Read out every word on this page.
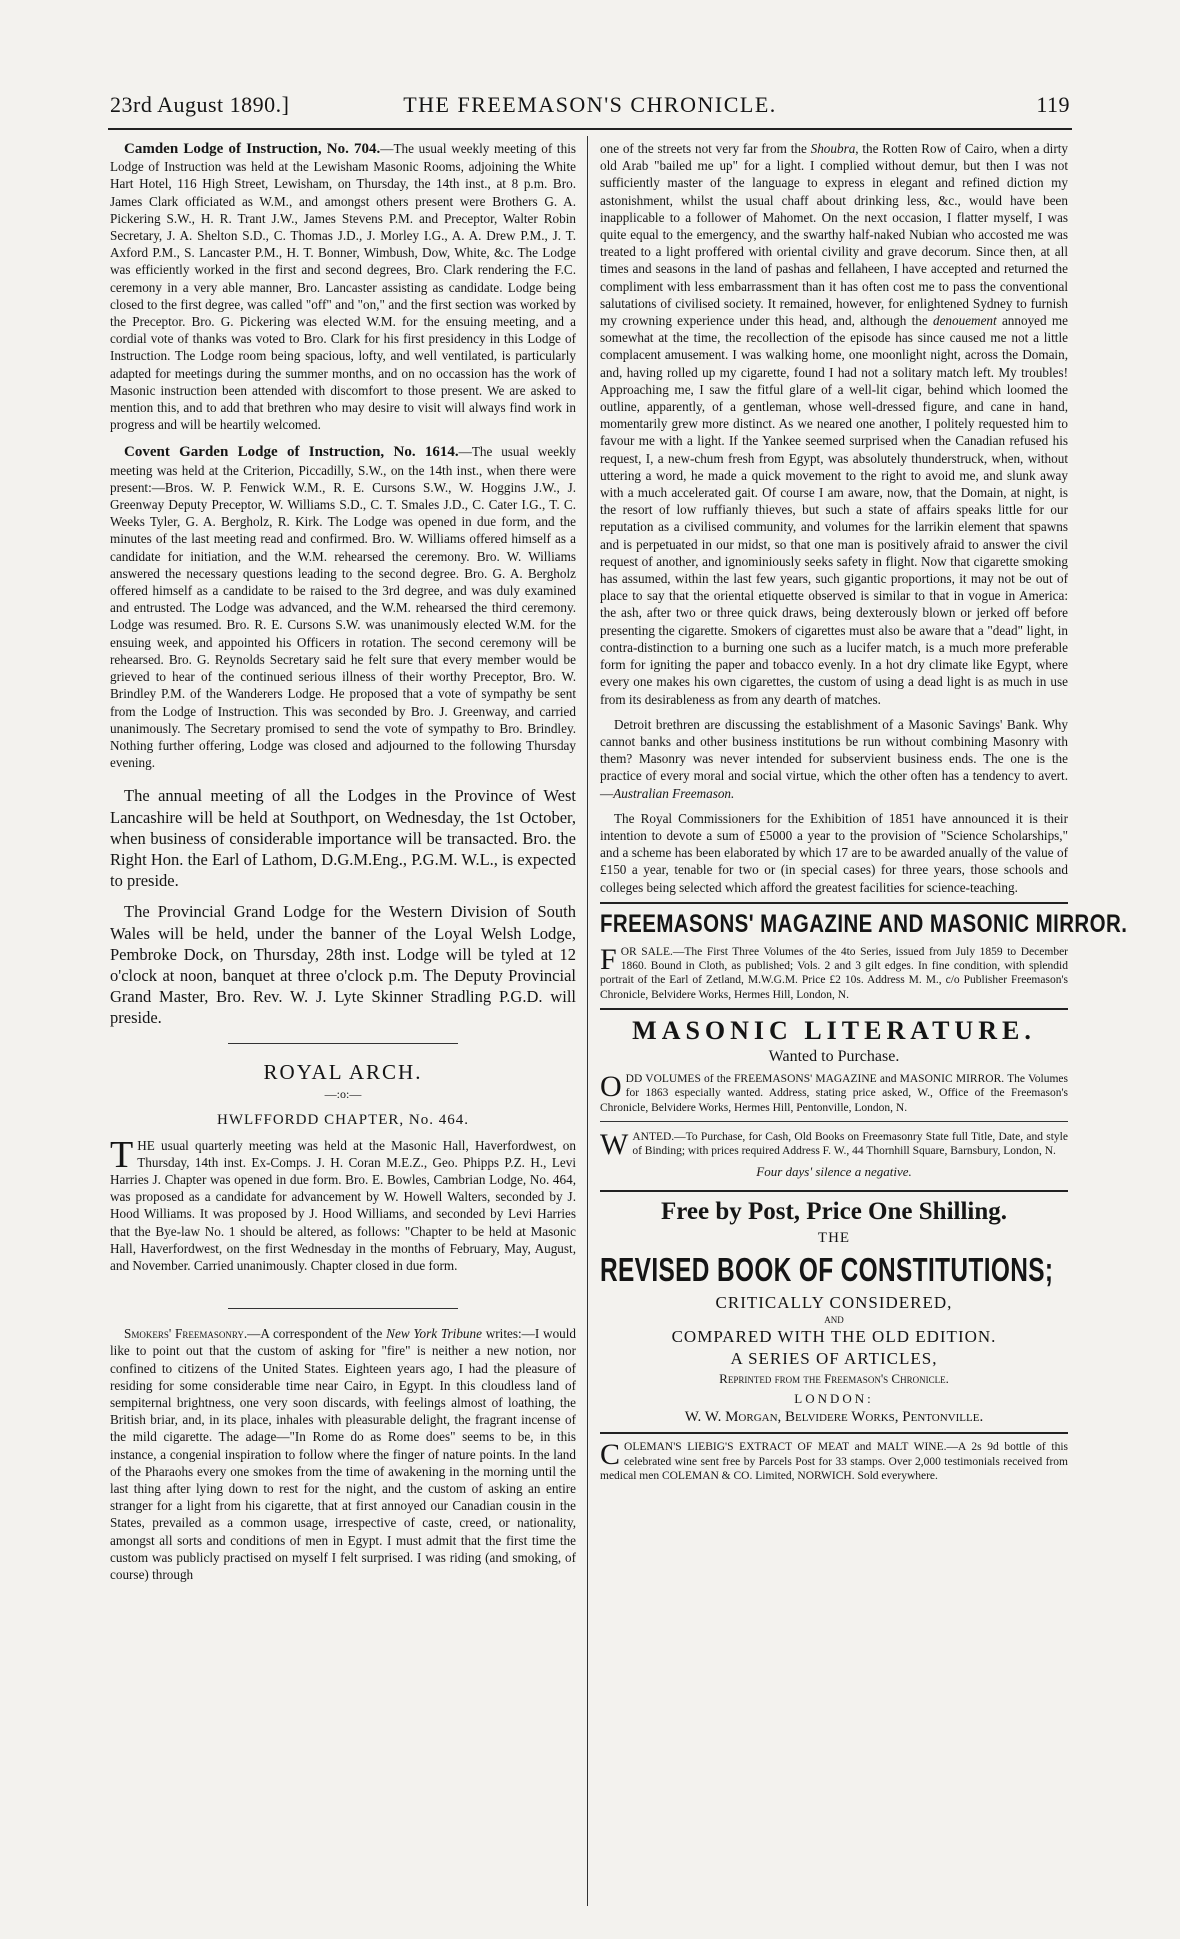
23rd August 1890.]	THE FREEMASON'S CHRONICLE.	119

Camden Lodge of Instruction, No. 704.—The usual weekly meeting of this Lodge of Instruction was held at the Lewisham Masonic Rooms, adjoining the White Hart Hotel, 116 High Street, Lewisham, on Thursday, the 14th inst., at 8 p.m. Bro. James Clark officiated as W.M., and amongst others present were Brothers G. A. Pickering S.W., H. R. Trant J.W., James Stevens P.M. and Preceptor, Walter Robin Secretary, J. A. Shelton S.D., C. Thomas J.D., J. Morley I.G., A. A. Drew P.M., J. T. Axford P.M., S. Lancaster P.M., H. T. Bonner, Wimbush, Dow, White, &c. The Lodge was efficiently worked in the first and second degrees, Bro. Clark rendering the F.C. ceremony in a very able manner, Bro. Lancaster assisting as candidate. Lodge being closed to the first degree, was called "off" and "on," and the first section was worked by the Preceptor. Bro. G. Pickering was elected W.M. for the ensuing meeting, and a cordial vote of thanks was voted to Bro. Clark for his first presidency in this Lodge of Instruction. The Lodge room being spacious, lofty, and well ventilated, is particularly adapted for meetings during the summer months, and on no occassion has the work of Masonic instruction been attended with discomfort to those present. We are asked to mention this, and to add that brethren who may desire to visit will always find work in progress and will be heartily welcomed.

Covent Garden Lodge of Instruction, No. 1614.—The usual weekly meeting was held at the Criterion, Piccadilly, S.W., on the 14th inst., when there were present:—Bros. W. P. Fenwick W.M., R. E. Cursons S.W., W. Hoggins J.W., J. Greenway Deputy Preceptor, W. Williams S.D., C. T. Smales J.D., C. Cater I.G., T. C. Weeks Tyler, G. A. Bergholz, R. Kirk. The Lodge was opened in due form, and the minutes of the last meeting read and confirmed. Bro. W. Williams offered himself as a candidate for initiation, and the W.M. rehearsed the ceremony. Bro. W. Williams answered the necessary questions leading to the second degree. Bro. G. A. Bergholz offered himself as a candidate to be raised to the 3rd degree, and was duly examined and entrusted. The Lodge was advanced, and the W.M. rehearsed the third ceremony. Lodge was resumed. Bro. R. E. Cursons S.W. was unanimously elected W.M. for the ensuing week, and appointed his Officers in rotation. The second ceremony will be rehearsed. Bro. G. Reynolds Secretary said he felt sure that every member would be grieved to hear of the continued serious illness of their worthy Preceptor, Bro. W. Brindley P.M. of the Wanderers Lodge. He proposed that a vote of sympathy be sent from the Lodge of Instruction. This was seconded by Bro. J. Greenway, and carried unanimously. The Secretary promised to send the vote of sympathy to Bro. Brindley. Nothing further offering, Lodge was closed and adjourned to the following Thursday evening.

The annual meeting of all the Lodges in the Province of West Lancashire will be held at Southport, on Wednesday, the 1st October, when business of considerable importance will be transacted. Bro. the Right Hon. the Earl of Lathom, D.G.M.Eng., P.G.M. W.L., is expected to preside.

The Provincial Grand Lodge for the Western Division of South Wales will be held, under the banner of the Loyal Welsh Lodge, Pembroke Dock, on Thursday, 28th inst. Lodge will be tyled at 12 o'clock at noon, banquet at three o'clock p.m. The Deputy Provincial Grand Master, Bro. Rev. W. J. Lyte Skinner Stradling P.G.D. will preside.

ROYAL ARCH.
—:o:—
HWLFFORDD CHAPTER, No. 464.

THE usual quarterly meeting was held at the Masonic Hall, Haverfordwest, on Thursday, 14th inst. Ex-Comps. J. H. Coran M.E.Z., Geo. Phipps P.Z. H., Levi Harries J. Chapter was opened in due form. Bro. E. Bowles, Cambrian Lodge, No. 464, was proposed as a candidate for advancement by W. Howell Walters, seconded by J. Hood Williams. It was proposed by J. Hood Williams, and seconded by Levi Harries that the Bye-law No. 1 should be altered, as follows: "Chapter to be held at Masonic Hall, Haverfordwest, on the first Wednesday in the months of February, May, August, and November. Carried unanimously. Chapter closed in due form.

Smokers' Freemasonry.—A correspondent of the New York Tribune writes:—I would like to point out that the custom of asking for "fire" is neither a new notion, nor confined to citizens of the United States. Eighteen years ago, I had the pleasure of residing for some considerable time near Cairo, in Egypt. In this cloudless land of sempiternal brightness, one very soon discards, with feelings almost of loathing, the British briar, and, in its place, inhales with pleasurable delight, the fragrant incense of the mild cigarette. The adage—"In Rome do as Rome does" seems to be, in this instance, a congenial inspiration to follow where the finger of nature points. In the land of the Pharaohs every one smokes from the time of awakening in the morning until the last thing after lying down to rest for the night, and the custom of asking an entire stranger for a light from his cigarette, that at first annoyed our Canadian cousin in the States, prevailed as a common usage, irrespective of caste, creed, or nationality, amongst all sorts and conditions of men in Egypt. I must admit that the first time the custom was publicly practised on myself I felt surprised. I was riding (and smoking, of course) through

one of the streets not very far from the Shoubra, the Rotten Row of Cairo, when a dirty old Arab "bailed me up" for a light. I complied without demur, but then I was not sufficiently master of the language to express in elegant and refined diction my astonishment, whilst the usual chaff about drinking less, &c., would have been inapplicable to a follower of Mahomet. On the next occasion, I flatter myself, I was quite equal to the emergency, and the swarthy half-naked Nubian who accosted me was treated to a light proffered with oriental civility and grave decorum. Since then, at all times and seasons in the land of pashas and fellaheen, I have accepted and returned the compliment with less embarrassment than it has often cost me to pass the conventional salutations of civilised society. It remained, however, for enlightened Sydney to furnish my crowning experience under this head, and, although the denouement annoyed me somewhat at the time, the recollection of the episode has since caused me not a little complacent amusement. I was walking home, one moonlight night, across the Domain, and, having rolled up my cigarette, found I had not a solitary match left. My troubles! Approaching me, I saw the fitful glare of a well-lit cigar, behind which loomed the outline, apparently, of a gentleman, whose well-dressed figure, and cane in hand, momentarily grew more distinct. As we neared one another, I politely requested him to favour me with a light. If the Yankee seemed surprised when the Canadian refused his request, I, a new-chum fresh from Egypt, was absolutely thunderstruck, when, without uttering a word, he made a quick movement to the right to avoid me, and slunk away with a much accelerated gait. Of course I am aware, now, that the Domain, at night, is the resort of low ruffianly thieves, but such a state of affairs speaks little for our reputation as a civilised community, and volumes for the larrikin element that spawns and is perpetuated in our midst, so that one man is positively afraid to answer the civil request of another, and ignominiously seeks safety in flight. Now that cigarette smoking has assumed, within the last few years, such gigantic proportions, it may not be out of place to say that the oriental etiquette observed is similar to that in vogue in America: the ash, after two or three quick draws, being dexterously blown or jerked off before presenting the cigarette. Smokers of cigarettes must also be aware that a "dead" light, in contra-distinction to a burning one such as a lucifer match, is a much more preferable form for igniting the paper and tobacco evenly. In a hot dry climate like Egypt, where every one makes his own cigarettes, the custom of using a dead light is as much in use from its desirableness as from any dearth of matches.

Detroit brethren are discussing the establishment of a Masonic Savings' Bank. Why cannot banks and other business institutions be run without combining Masonry with them? Masonry was never intended for subservient business ends. The one is the practice of every moral and social virtue, which the other often has a tendency to avert.—Australian Freemason.

The Royal Commissioners for the Exhibition of 1851 have announced it is their intention to devote a sum of £5000 a year to the provision of "Science Scholarships," and a scheme has been elaborated by which 17 are to be awarded anually of the value of £150 a year, tenable for two or (in special cases) for three years, those schools and colleges being selected which afford the greatest facilities for science-teaching.

FREEMASONS' MAGAZINE AND MASONIC MIRROR.

FOR SALE.—The First Three Volumes of the 4to Series, issued from July 1859 to December 1860. Bound in Cloth, as published; Vols. 2 and 3 gilt edges. In fine condition, with splendid portrait of the Earl of Zetland, M.W.G.M. Price £2 10s. Address M. M., c/o Publisher Freemason's Chronicle, Belvidere Works, Hermes Hill, London, N.

MASONIC LITERATURE.
Wanted to Purchase.

ODD VOLUMES of the FREEMASONS' MAGAZINE and MASONIC MIRROR. The Volumes for 1863 especially wanted. Address, stating price asked, W., Office of the Freemason's Chronicle, Belvidere Works, Hermes Hill, Pentonville, London, N.

WANTED.—To Purchase, for Cash, Old Books on Freemasonry State full Title, Date, and style of Binding; with prices required Address F. W., 44 Thornhill Square, Barnsbury, London, N.

Four days' silence a negative.
Free by Post, Price One Shilling.
THE
REVISED BOOK OF CONSTITUTIONS;
CRITICALLY CONSIDERED,
AND
COMPARED WITH THE OLD EDITION.
A SERIES OF ARTICLES,
Reprinted from the Freemason's Chronicle.
LONDON:
W. W. Morgan, Belvidere Works, Pentonville.

COLEMAN'S LIEBIG'S EXTRACT OF MEAT and MALT WINE.—A 2s 9d bottle of this celebrated wine sent free by Parcels Post for 33 stamps. Over 2,000 testimonials received from medical men COLEMAN & CO. Limited, NORWICH. Sold everywhere.
